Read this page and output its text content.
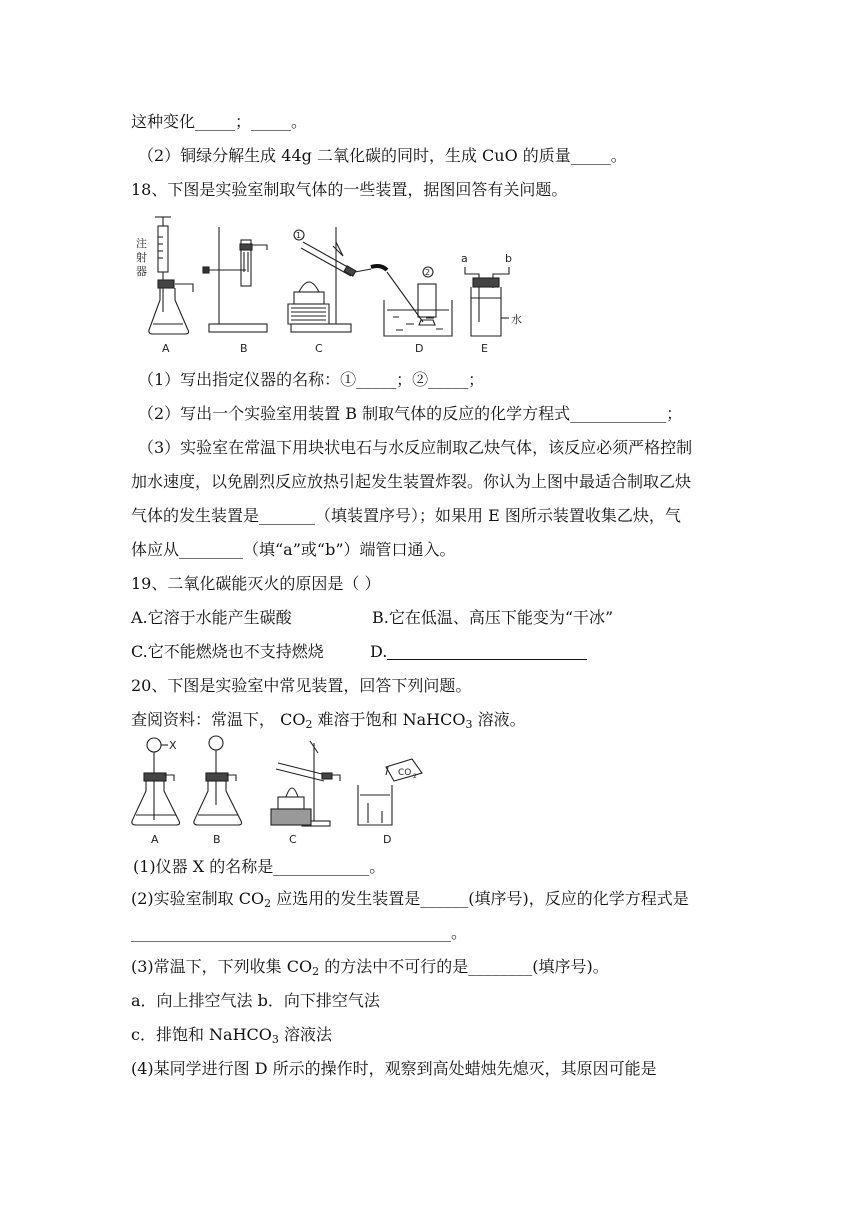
这种变化_____；_____。
（2）铜绿分解生成 44g 二氧化碳的同时，生成 CuO 的质量_____。
18、下图是实验室制取气体的一些装置，据图回答有关问题。
注
射
器
1
2
A	B	C	D	E
a	b
水
（1）写出指定仪器的名称：①_____；②_____；
（2）写出一个实验室用装置 B 制取气体的反应的化学方程式____________；
（3）实验室在常温下用块状电石与水反应制取乙炔气体，该反应必须严格控制
加水速度，以免剧烈反应放热引起发生装置炸裂。你认为上图中最适合制取乙炔
气体的发生装置是_______（填装置序号）；如果用 E 图所示装置收集乙炔，气
体应从________（填“a”或“b”）端管口通入。
19、二氧化碳能灭火的原因是（ ）
A.它溶于水能产生碳酸	B.它在低温、高压下能变为“干冰”
C.它不能燃烧也不支持燃烧	D.
20、下图是实验室中常见装置，回答下列问题。
查阅资料：常温下， $CO_2$ 难溶于饱和 NaHCO$_3$ 溶液。
X
CO 2
A	B	C	D
(1)仪器 X 的名称是____________。
(2)实验室制取 $CO_2$ 应选用的发生装置是______(填序号)，反应的化学方程式是
________________________________________。
(3)常温下，下列收集 $CO_2$ 的方法中不可行的是________(填序号)。
a．向上排空气法 b．向下排空气法
c．排饱和 NaHCO$_3$ 溶液法
(4)某同学进行图 D 所示的操作时，观察到高处蜡烛先熄灭，其原因可能是
